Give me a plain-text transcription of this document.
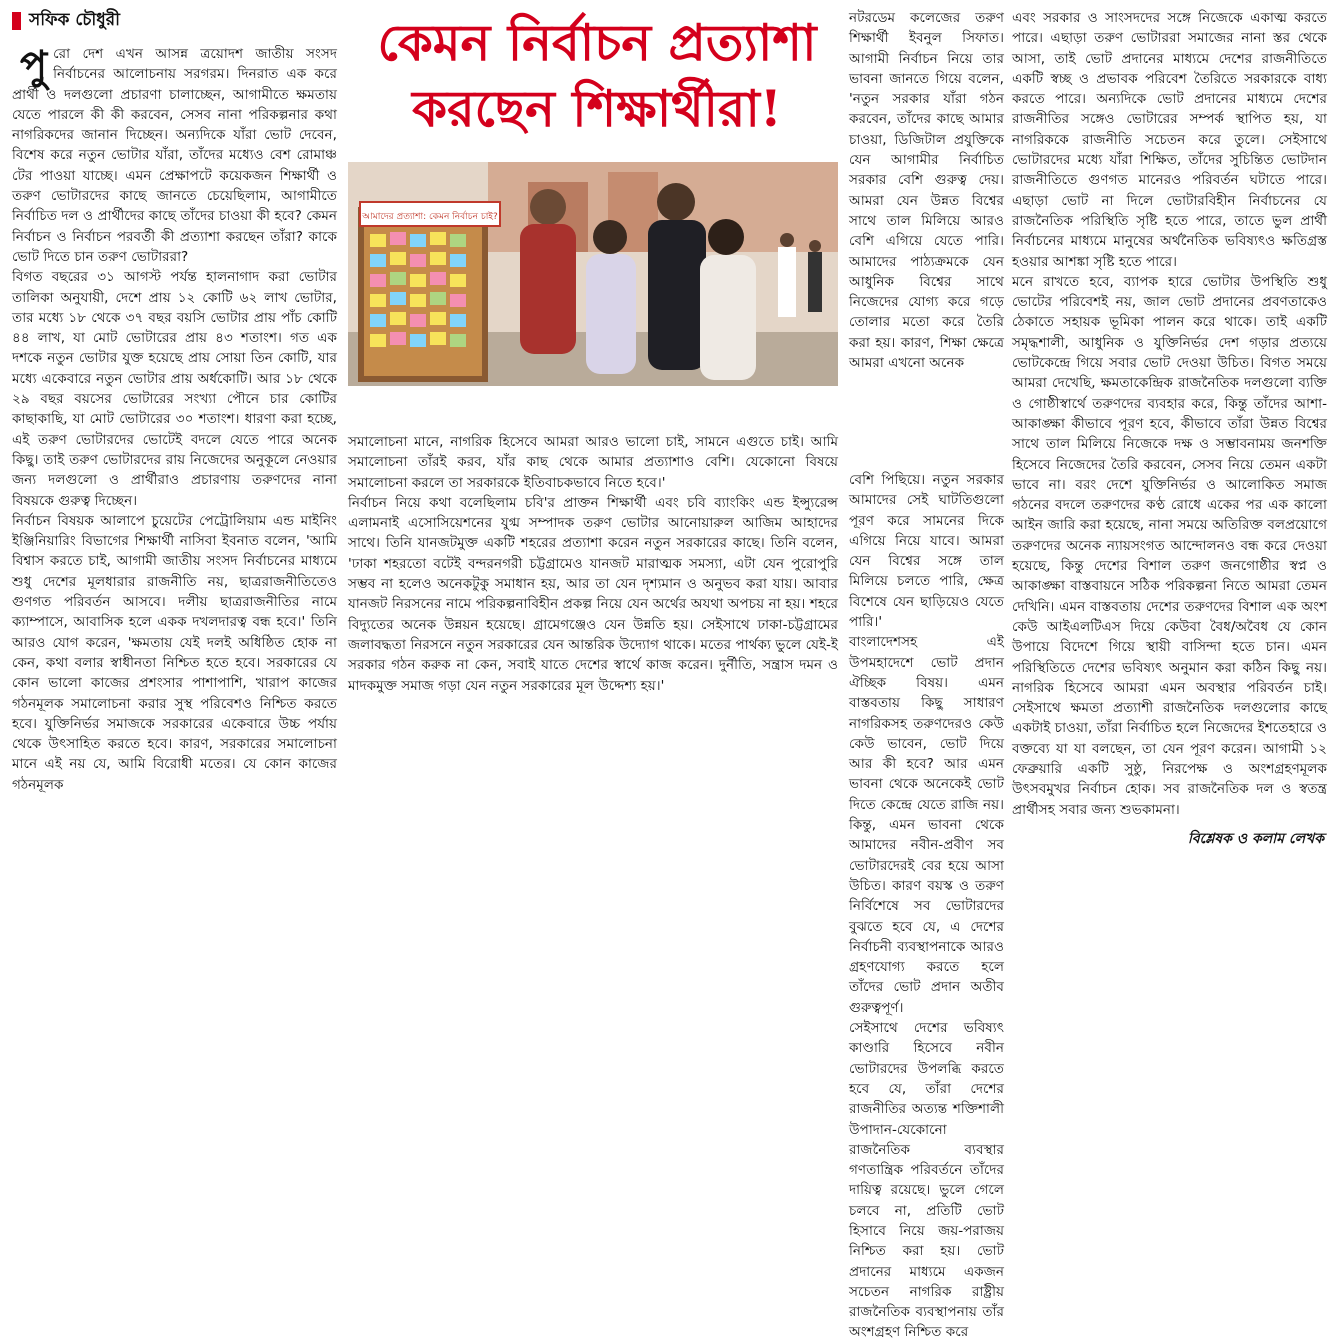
সফিক চৌধুরী
পু রো দেশ এখন আসন্ন ত্রয়োদশ জাতীয় সংসদ নির্বাচনের আলোচনায় সরগরম। দিনরাত এক করে প্রার্থী ও দলগুলো প্রচারণা চালাচ্ছেন, আগামীতে ক্ষমতায় যেতে পারলে কী কী করবেন, সেসব নানা পরিকল্পনার কথা নাগরিকদের জানান দিচ্ছেন। অন্যদিকে যাঁরা ভোট দেবেন, বিশেষ করে নতুন ভোটার যাঁরা, তাঁদের মধ্যেও বেশ রোমাঞ্চ টের পাওয়া যাচ্ছে। এমন প্রেক্ষাপটে কয়েকজন শিক্ষার্থী ও তরুণ ভোটারদের কাছে জানতে চেয়েছিলাম, আগামীতে নির্বাচিত দল ও প্রার্থীদের কাছে তাঁদের চাওয়া কী হবে? কেমন নির্বাচন ও নির্বাচন পরবর্তী কী প্রত্যাশা করছেন তাঁরা? কাকে ভোট দিতে চান তরুণ ভোটাররা?

বিগত বছরের ৩১ আগস্ট পর্যন্ত হালনাগাদ করা ভোটার তালিকা অনুযায়ী, দেশে প্রায় ১২ কোটি ৬২ লাখ ভোটার, তার মধ্যে ১৮ থেকে ৩৭ বছর বয়সি ভোটার প্রায় পাঁচ কোটি ৪৪ লাখ, যা মোট ভোটারের প্রায় ৪৩ শতাংশ। গত এক দশকে নতুন ভোটার যুক্ত হয়েছে প্রায় সোয়া তিন কোটি, যার মধ্যে একেবারে নতুন ভোটার প্রায় অর্ধকোটি। আর ১৮ থেকে ২৯ বছর বয়সের ভোটারের সংখ্যা পৌনে চার কোটির কাছাকাছি, যা মোট ভোটারের ৩০ শতাংশ। ধারণা করা হচ্ছে, এই তরুণ ভোটারদের ভোটেই বদলে যেতে পারে অনেক কিছু। তাই তরুণ ভোটারদের রায় নিজেদের অনুকূলে নেওয়ার জন্য দলগুলো ও প্রার্থীরাও প্রচারণায় তরুণদের নানা বিষয়কে গুরুত্ব দিচ্ছেন।

নির্বাচন বিষয়ক আলাপে চুয়েটের পেট্রোলিয়াম এন্ড মাইনিং ইঞ্জিনিয়ারিং বিভাগের শিক্ষার্থী নাসিবা ইবনাত বলেন, 'আমি বিশ্বাস করতে চাই, আগামী জাতীয় সংসদ নির্বাচনের মাধ্যমে শুধু দেশের মূলধারার রাজনীতি নয়, ছাত্ররাজনীতিতেও গুণগত পরিবর্তন আসবে। দলীয় ছাত্ররাজনীতির নামে ক্যাম্পাসে, আবাসিক হলে একক দখলদারত্ব বন্ধ হবে।' তিনি আরও যোগ করেন, 'ক্ষমতায় যেই দলই অধিষ্ঠিত হোক না কেন, কথা বলার স্বাধীনতা নিশ্চিত হতে হবে। সরকারের যে কোন ভালো কাজের প্রশংসার পাশাপাশি, খারাপ কাজের গঠনমূলক সমালোচনা করার সুস্থ পরিবেশও নিশ্চিত করতে হবে। যুক্তিনির্ভর সমাজকে সরকারের একেবারে উচ্চ পর্যায় থেকে উৎসাহিত করতে হবে। কারণ, সরকারের সমালোচনা মানে এই নয় যে, আমি বিরোধী মতের। যে কোন কাজের গঠনমূলক

কেমন নির্বাচন প্রত্যাশা
করছেন শিক্ষার্থীরা!
আমাদের প্রত্যাশা: কেমন নির্বাচন চাই?

সমালোচনা মানে, নাগরিক হিসেবে আমরা আরও ভালো চাই, সামনে এগুতে চাই। আমি সমালোচনা তাঁরই করব, যাঁর কাছ থেকে আমার প্রত্যাশাও বেশি। যেকোনো বিষয়ে সমালোচনা করলে তা সরকারকে ইতিবাচকভাবে নিতে হবে।'

নির্বাচন নিয়ে কথা বলেছিলাম চবি'র প্রাক্তন শিক্ষার্থী এবং চবি ব্যাংকিং এন্ড ইন্স্যুরেন্স এলামনাই এসোসিয়েশনের যুগ্ম সম্পাদক তরুণ ভোটার আনোয়ারুল আজিম আহাদের সাথে। তিনি যানজটমুক্ত একটি শহরের প্রত্যাশা করেন নতুন সরকারের কাছে। তিনি বলেন, 'ঢাকা শহরতো বটেই বন্দরনগরী চট্টগ্রামেও যানজট মারাত্মক সমস্যা, এটা যেন পুরোপুরি সম্ভব না হলেও অনেকটুকু সমাধান হয়, আর তা যেন দৃশ্যমান ও অনুভব করা যায়। আবার যানজট নিরসনের নামে পরিকল্পনাবিহীন প্রকল্প নিয়ে যেন অর্থের অযথা অপচয় না হয়। শহরে বিদ্যুতের অনেক উন্নয়ন হয়েছে। গ্রামেগঞ্জেও যেন উন্নতি হয়। সেইসাথে ঢাকা-চট্টগ্রামের জলাবদ্ধতা নিরসনে নতুন সরকারের যেন আন্তরিক উদ্যোগ থাকে। মতের পার্থক্য ভুলে যেই-ই সরকার গঠন করুক না কেন, সবাই যাতে দেশের স্বার্থে কাজ করেন। দুর্নীতি, সন্ত্রাস দমন ও মাদকমুক্ত সমাজ গড়া যেন নতুন সরকারের মূল উদ্দেশ্য হয়।'

নটরডেম কলেজের তরুণ শিক্ষার্থী ইবনুল সিফাত। আগামী নির্বাচন নিয়ে তার ভাবনা জানতে গিয়ে বলেন, 'নতুন সরকার যাঁরা গঠন করবেন, তাঁদের কাছে আমার চাওয়া, ডিজিটাল প্রযুক্তিকে যেন আগামীর নির্বাচিত সরকার বেশি গুরুত্ব দেয়। আমরা যেন উন্নত বিশ্বের সাথে তাল মিলিয়ে আরও বেশি এগিয়ে যেতে পারি। আমাদের পাঠ্যক্রমকে যেন আধুনিক বিশ্বের সাথে নিজেদের যোগ্য করে গড়ে তোলার মতো করে তৈরি করা হয়। কারণ, শিক্ষা ক্ষেত্রে আমরা এখনো অনেক

বেশি পিছিয়ে। নতুন সরকার আমাদের সেই ঘাটতিগুলো পূরণ করে সামনের দিকে এগিয়ে নিয়ে যাবে। আমরা যেন বিশ্বের সঙ্গে তাল মিলিয়ে চলতে পারি, ক্ষেত্র বিশেষে যেন ছাড়িয়েও যেতে পারি।'

বাংলাদেশসহ এই উপমহাদেশে ভোট প্রদান ঐচ্ছিক বিষয়। এমন বাস্তবতায় কিছু সাধারণ নাগরিকসহ তরুণদেরও কেউ কেউ ভাবেন, ভোট দিয়ে আর কী হবে? আর এমন ভাবনা থেকে অনেকেই ভোট দিতে কেন্দ্রে যেতে রাজি নয়। কিন্তু, এমন ভাবনা থেকে আমাদের নবীন-প্রবীণ সব ভোটারদেরই বের হয়ে আসা উচিত। কারণ বয়স্ক ও তরুণ নির্বিশেষে সব ভোটারদের বুঝতে হবে যে, এ দেশের নির্বাচনী ব্যবস্থাপনাকে আরও গ্রহণযোগ্য করতে হলে তাঁদের ভোট প্রদান অতীব গুরুত্বপূর্ণ।

সেইসাথে দেশের ভবিষ্যৎ কাণ্ডারি হিসেবে নবীন ভোটারদের উপলব্ধি করতে হবে যে, তাঁরা দেশের রাজনীতির অত্যন্ত শক্তিশালী উপাদান-যেকোনো রাজনৈতিক ব্যবস্থার গণতান্ত্রিক পরিবর্তনে তাঁদের দায়িত্ব রয়েছে। ভুলে গেলে চলবে না, প্রতিটি ভোট হিসাবে নিয়ে জয়-পরাজয় নিশ্চিত করা হয়। ভোট প্রদানের মাধ্যমে একজন সচেতন নাগরিক রাষ্ট্রীয় রাজনৈতিক ব্যবস্থাপনায় তাঁর অংশগ্রহণ নিশ্চিত করে

এবং সরকার ও সাংসদদের সঙ্গে নিজেকে একাত্ম করতে পারে। এছাড়া তরুণ ভোটাররা সমাজের নানা স্তর থেকে আসা, তাই ভোট প্রদানের মাধ্যমে দেশের রাজনীতিতে একটি স্বচ্ছ ও প্রভাবক পরিবেশ তৈরিতে সরকারকে বাধ্য করতে পারে। অন্যদিকে ভোট প্রদানের মাধ্যমে দেশের রাজনীতির সঙ্গেও ভোটারের সম্পর্ক স্থাপিত হয়, যা নাগরিককে রাজনীতি সচেতন করে তুলে। সেইসাথে ভোটারদের মধ্যে যাঁরা শিক্ষিত, তাঁদের সুচিন্তিত ভোটদান রাজনীতিতে গুণগত মানেরও পরিবর্তন ঘটাতে পারে। এছাড়া ভোট না দিলে ভোটারবিহীন নির্বাচনের যে রাজনৈতিক পরিস্থিতি সৃষ্টি হতে পারে, তাতে ভুল প্রার্থী নির্বাচনের মাধ্যমে মানুষের অর্থনৈতিক ভবিষ্যৎও ক্ষতিগ্রস্ত হওয়ার আশঙ্কা সৃষ্টি হতে পারে।

মনে রাখতে হবে, ব্যাপক হারে ভোটার উপস্থিতি শুধু ভোটের পরিবেশই নয়, জাল ভোট প্রদানের প্রবণতাকেও ঠেকাতে সহায়ক ভূমিকা পালন করে থাকে। তাই একটি সমৃদ্ধশালী, আধুনিক ও যুক্তিনির্ভর দেশ গড়ার প্রত্যয়ে ভোটকেন্দ্রে গিয়ে সবার ভোট দেওয়া উচিত। বিগত সময়ে আমরা দেখেছি, ক্ষমতাকেন্দ্রিক রাজনৈতিক দলগুলো ব্যক্তি ও গোষ্ঠীস্বার্থে তরুণদের ব্যবহার করে, কিন্তু তাঁদের আশা-আকাঙ্ক্ষা কীভাবে পূরণ হবে, কীভাবে তাঁরা উন্নত বিশ্বের সাথে তাল মিলিয়ে নিজেকে দক্ষ ও সম্ভাবনাময় জনশক্তি হিসেবে নিজেদের তৈরি করবেন, সেসব নিয়ে তেমন একটা ভাবে না। বরং দেশে যুক্তিনির্ভর ও আলোকিত সমাজ গঠনের বদলে তরুণদের কণ্ঠ রোধে একের পর এক কালো আইন জারি করা হয়েছে, নানা সময়ে অতিরিক্ত বলপ্রয়োগে তরুণদের অনেক ন্যায়সংগত আন্দোলনও বন্ধ করে দেওয়া হয়েছে, কিন্তু দেশের বিশাল তরুণ জনগোষ্ঠীর স্বপ্ন ও আকাঙ্ক্ষা বাস্তবায়নে সঠিক পরিকল্পনা নিতে আমরা তেমন দেখিনি। এমন বাস্তবতায় দেশের তরুণদের বিশাল এক অংশ কেউ আইএলটিএস দিয়ে কেউবা বৈধ/অবৈধ যে কোন উপায়ে বিদেশে গিয়ে স্থায়ী বাসিন্দা হতে চান। এমন পরিস্থিতিতে দেশের ভবিষ্যৎ অনুমান করা কঠিন কিছু নয়। নাগরিক হিসেবে আমরা এমন অবস্থার পরিবর্তন চাই। সেইসাথে ক্ষমতা প্রত্যাশী রাজনৈতিক দলগুলোর কাছে একটাই চাওয়া, তাঁরা নির্বাচিত হলে নিজেদের ইশতেহারে ও বক্তব্যে যা যা বলছেন, তা যেন পূরণ করেন। আগামী ১২ ফেব্রুয়ারি একটি সুষ্ঠু, নিরপেক্ষ ও অংশগ্রহণমূলক উৎসবমুখর নির্বাচন হোক। সব রাজনৈতিক দল ও স্বতন্ত্র প্রার্থীসহ সবার জন্য শুভকামনা।

বিশ্লেষক ও কলাম লেখক
